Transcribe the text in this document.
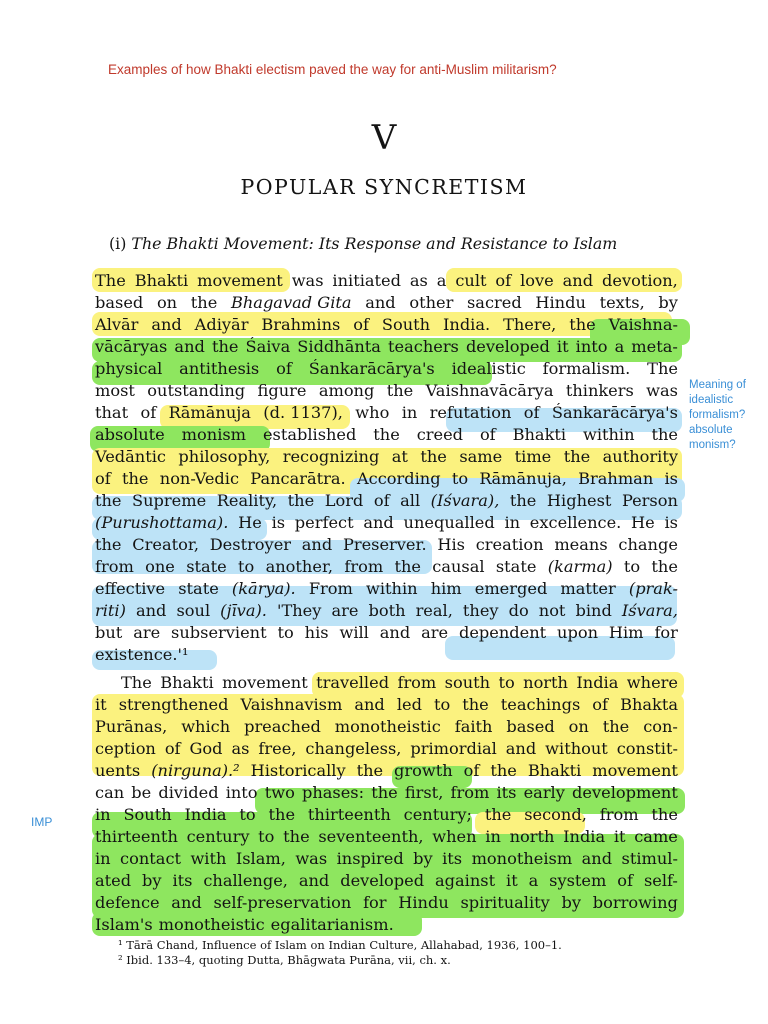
Examples of how Bhakti electism paved the way for anti-Muslim militarism?
Meaning of idealistic formalism? absolute monism?
IMP
V
POPULAR SYNCRETISM
(i) The Bhakti Movement: Its Response and Resistance to Islam
The Bhakti movement was initiated as a cult of love and devotion,
based on the Bhagavad Gita and other sacred Hindu texts, by
Alvār and Adiyār Brahmins of South India. There, the Vaishna-
vācāryas and the Śaiva Siddhānta teachers developed it into a meta-
physical antithesis of Śankarācārya's idealistic formalism. The
most outstanding figure among the Vaishnavācārya thinkers was
that of Rāmānuja (d. 1137), who in refutation of Śankarācārya's
absolute monism established the creed of Bhakti within the
Vedāntic philosophy, recognizing at the same time the authority
of the non-Vedic Pancarātra. According to Rāmānuja, Brahman is
the Supreme Reality, the Lord of all (Iśvara), the Highest Person
(Purushottama). He is perfect and unequalled in excellence. He is
the Creator, Destroyer and Preserver. His creation means change
from one state to another, from the causal state (karma) to the
effective state (kārya). From within him emerged matter (prak-
riti) and soul (jīva). 'They are both real, they do not bind Iśvara,
but are subservient to his will and are dependent upon Him for
existence.'¹
The Bhakti movement travelled from south to north India where
it strengthened Vaishnavism and led to the teachings of Bhakta
Purānas, which preached monotheistic faith based on the con-
ception of God as free, changeless, primordial and without constit-
uents (nirguna).² Historically the growth of the Bhakti movement
can be divided into two phases: the first, from its early development
in South India to the thirteenth century; the second, from the
thirteenth century to the seventeenth, when in north India it came
in contact with Islam, was inspired by its monotheism and stimul-
ated by its challenge, and developed against it a system of self-
defence and self-preservation for Hindu spirituality by borrowing
Islam's monotheistic egalitarianism.
¹ Tārā Chand, Influence of Islam on Indian Culture, Allahabad, 1936, 100–1.
² Ibid. 133–4, quoting Dutta, Bhāgwata Purāna, vii, ch. x.
